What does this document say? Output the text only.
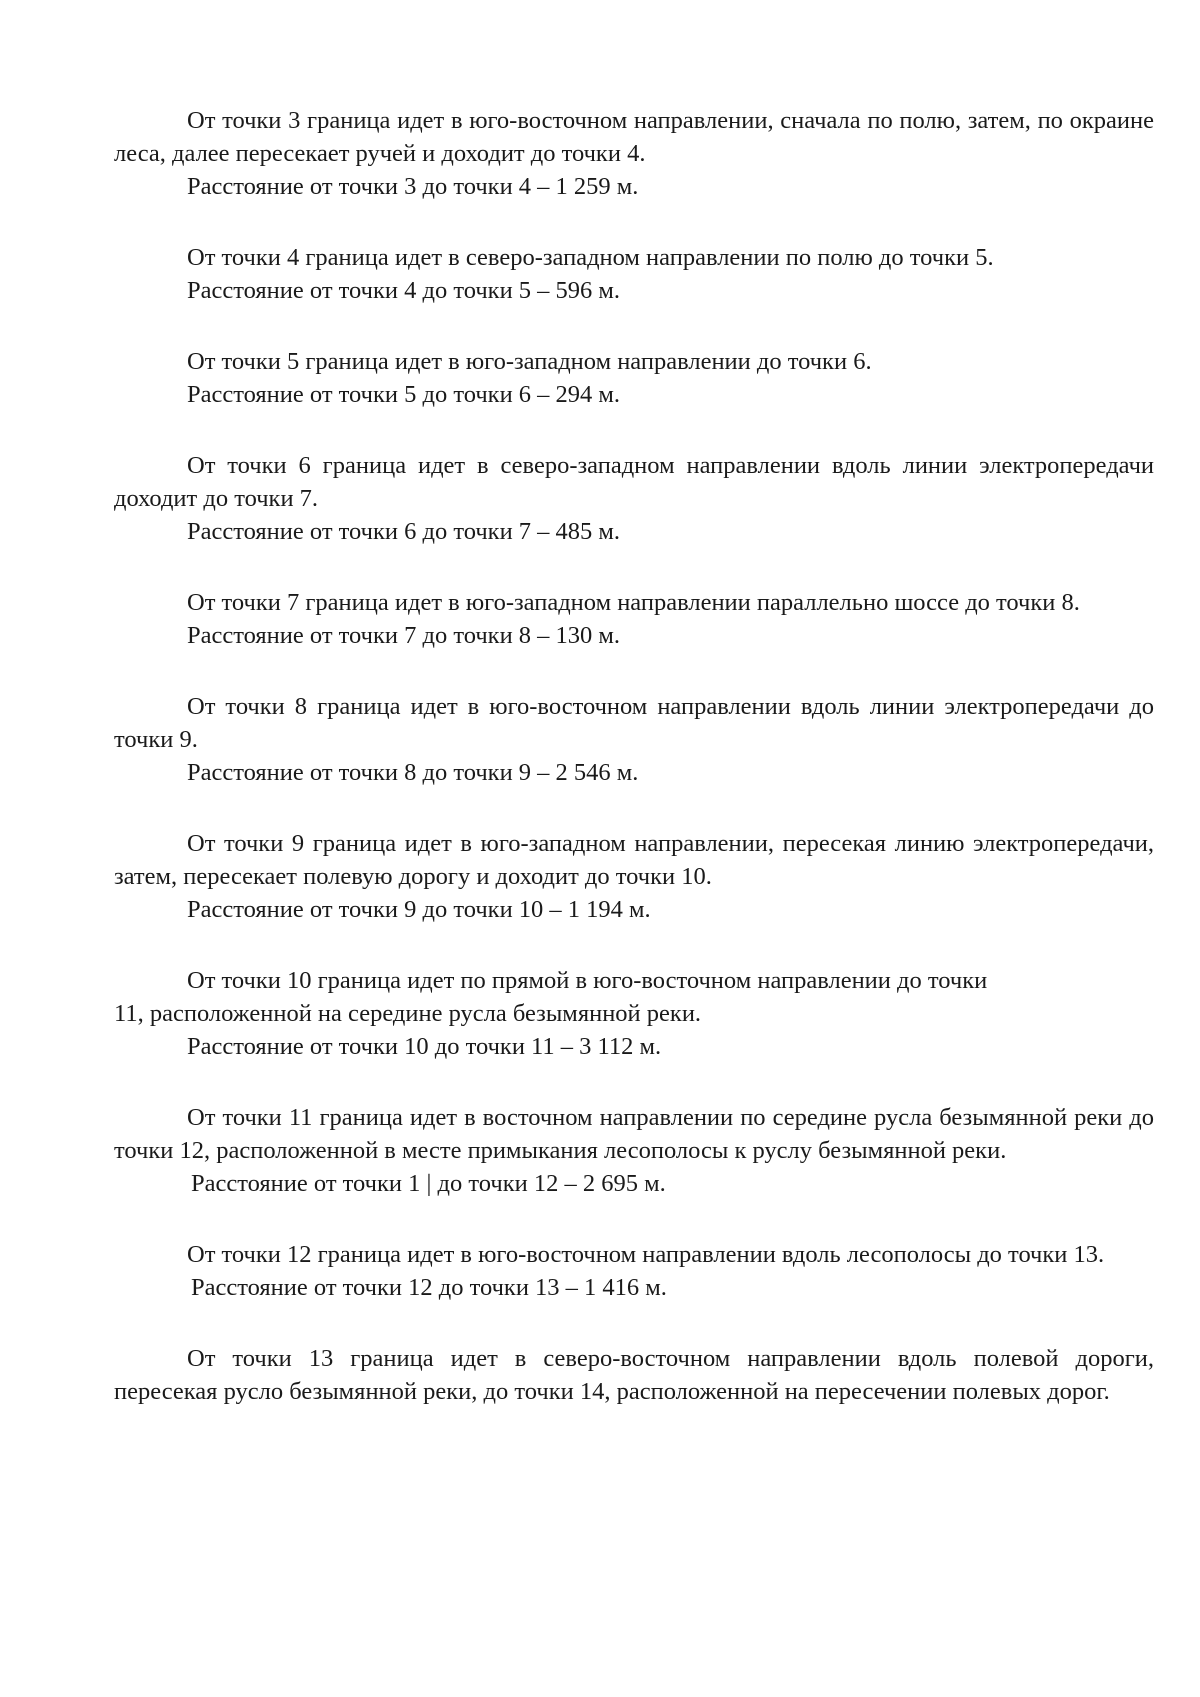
От точки 3 граница идет в юго-восточном направлении, сначала по полю, затем, по окраине леса, далее пересекает ручей и доходит до точки 4.

Расстояние от точки 3 до точки 4 – 1 259 м.

От точки 4 граница идет в северо-западном направлении по полю до точки 5.

Расстояние от точки 4 до точки 5 – 596 м.

От точки 5 граница идет в юго-западном направлении до точки 6.

Расстояние от точки 5 до точки 6 – 294 м.

От точки 6 граница идет в северо-западном направлении вдоль линии электропередачи доходит до точки 7.

Расстояние от точки 6 до точки 7 – 485 м.

От точки 7 граница идет в юго-западном направлении параллельно шоссе до точки 8.

Расстояние от точки 7 до точки 8 – 130 м.

От точки 8 граница идет в юго-восточном направлении вдоль линии электропередачи до точки 9.

Расстояние от точки 8 до точки 9 – 2 546 м.

От точки 9 граница идет в юго-западном направлении, пересекая линию электропередачи, затем, пересекает полевую дорогу и доходит до точки 10.

Расстояние от точки 9 до точки 10 – 1 194 м.

От точки 10 граница идет по прямой в юго-восточном направлении до точки
11, расположенной на середине русла безымянной реки.

Расстояние от точки 10 до точки 11 – 3 112 м.

От точки 11 граница идет в восточном направлении по середине русла безымянной реки до точки 12, расположенной в месте примыкания лесополосы к руслу безымянной реки.

Расстояние от точки 1 | до точки 12 – 2 695 м.

От точки 12 граница идет в юго-восточном направлении вдоль лесополосы до точки 13.

Расстояние от точки 12 до точки 13 – 1 416 м.

От точки 13 граница идет в северо-восточном направлении вдоль полевой дороги, пересекая русло безымянной реки, до точки 14, расположенной на пересечении полевых дорог.
